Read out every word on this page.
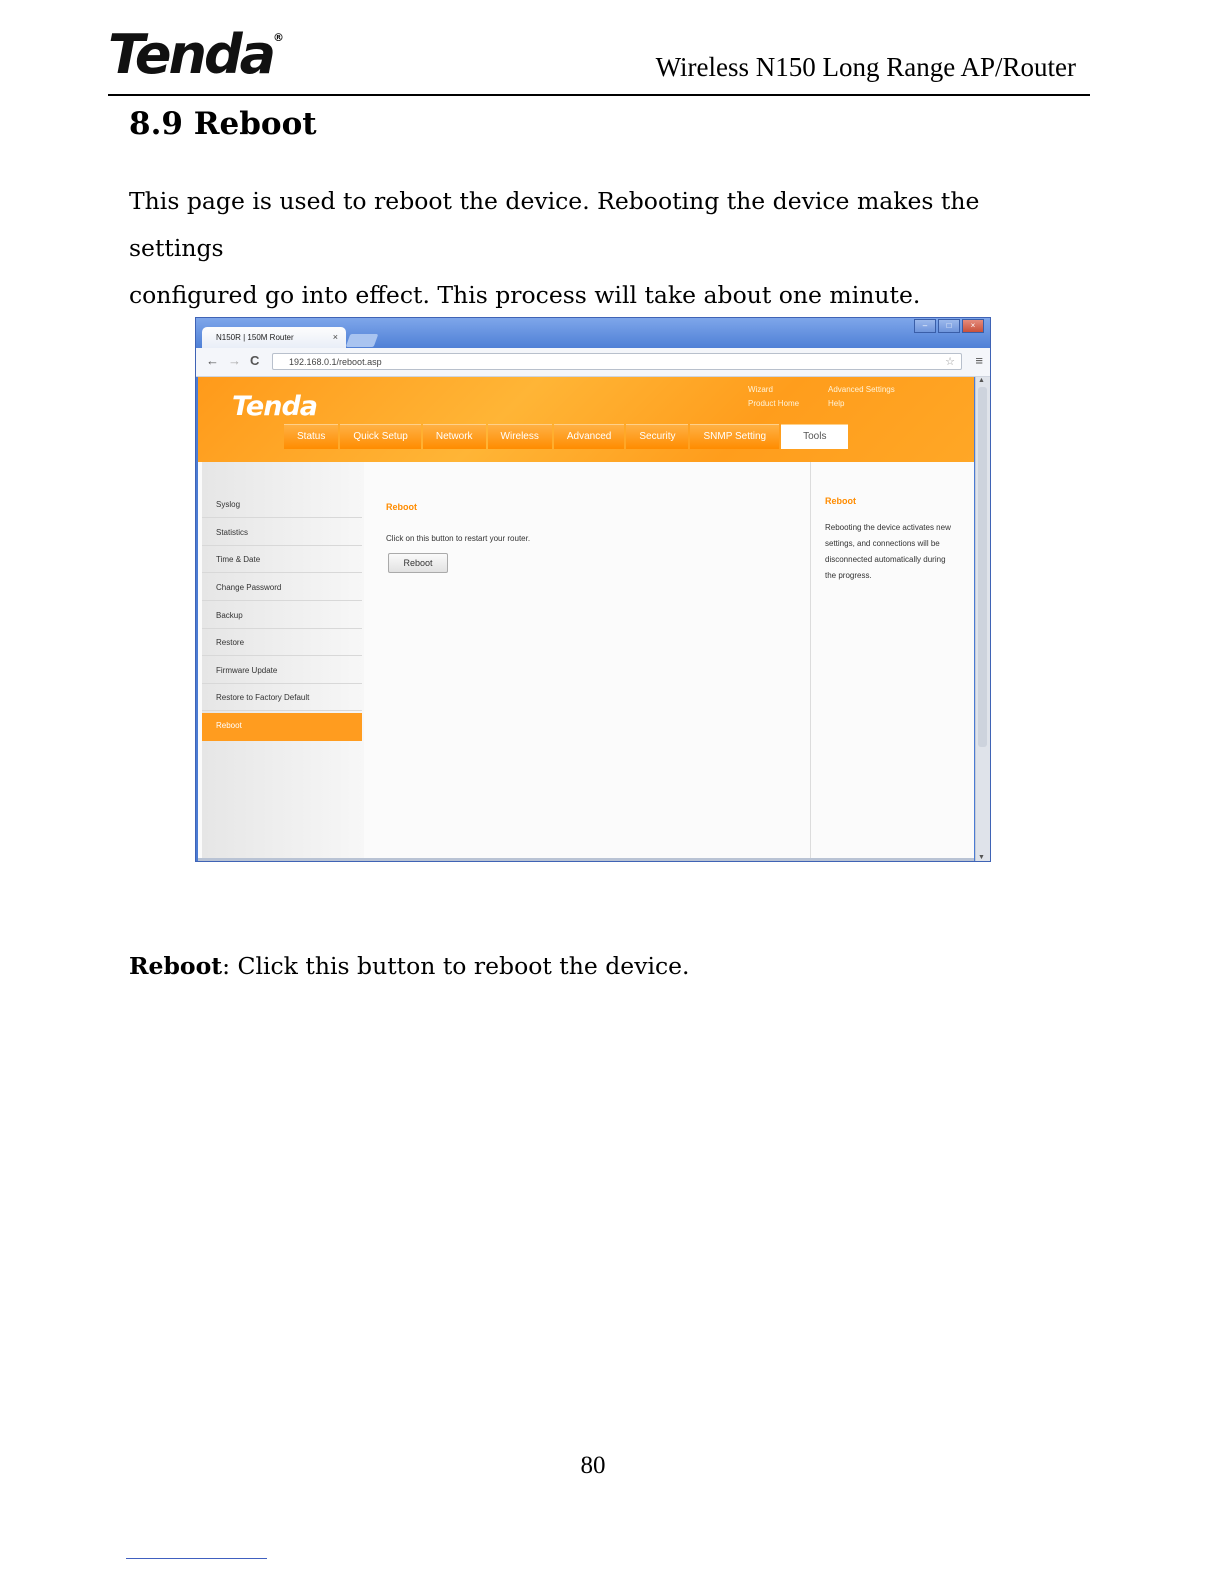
Tenda®
Wireless N150 Long Range AP/Router
8.9 Reboot

This page is used to reboot the device. Rebooting the device makes the settings
configured go into effect. This process will take about one minute.

N150R | 150M Router	×
–	□	×
← → C	192.168.0.1/reboot.asp	☆ ≡
Tenda
Wizard	Advanced Settings
Product Home	Help
Status	Quick Setup	Network	Wireless	Advanced	Security	SNMP Setting	Tools
Syslog
Statistics
Time & Date
Change Password
Backup
Restore
Firmware Update
Restore to Factory Default
Reboot
Reboot
Click on this button to restart your router.
Reboot
Reboot
Rebooting the device activates new settings, and connections will be disconnected automatically during the progress.
▲
▼

Reboot: Click this button to reboot the device.

80
